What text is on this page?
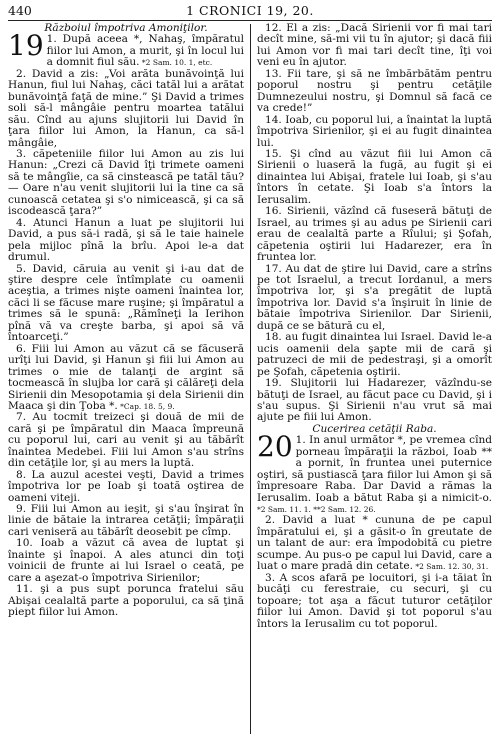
440	1 CRONICI 19, 20.

Războiul împotriva Amoniţilor.

19 1. După aceea *, Nahaş, împăratul fiilor lui Amon, a murit, şi în locul lui a domnit fiul său. *2 Sam. 10. 1, etc.

2. David a zis: „Voi arăta bunăvoinţă lui Hanun, fiul lui Nahaş, căci tatăl lui a arătat bunăvoinţă faţă de mine.” Şi David a trimes soli să-l mângâie pentru moartea tatălui său. Cînd au ajuns slujitorii lui David în ţara fiilor lui Amon, la Hanun, ca să-l mângâie,

3. căpeteniile fiilor lui Amon au zis lui Hanun: „Crezi că David îţi trimete oameni să te mângîie, ca să cinstească pe tatăl tău? — Oare n'au venit slujitorii lui la tine ca să cunoască cetatea şi s'o nimicească, şi ca să iscodească ţara?”

4. Atunci Hanun a luat pe slujitorii lui David, a pus să-i radă, şi să le taie hainele pela mijloc pînă la brîu. Apoi le-a dat drumul.

5. David, căruia au venit şi i-au dat de ştire despre cele întîmplate cu oamenii aceştia, a trimes nişte oameni înaintea lor, căci li se făcuse mare ruşine; şi împăratul a trimes să le spună: „Rămîneţi la Ierihon pînă vă va creşte barba, şi apoi să vă întoarceţi.”

6. Fiii lui Amon au văzut că se făcuseră urîţi lui David, şi Hanun şi fiii lui Amon au trimes o mie de talanţi de argint să tocmească în slujba lor cară şi călăreţi dela Sirienii din Mesopotamia şi dela Sirienii din Maaca şi din Ţoba *. *Cap. 18. 5, 9.

7. Au tocmit treizeci şi două de mii de cară şi pe împăratul din Maaca împreună cu poporul lui, cari au venit şi au tăbărît înaintea Medebei. Fiii lui Amon s'au strîns din cetăţile lor, şi au mers la luptă.

8. La auzul acestei veşti, David a trimes împotriva lor pe Ioab şi toată oştirea de oameni viteji.

9. Fiii lui Amon au ieşit, şi s'au înşirat în linie de bătaie la intrarea cetăţii; împăraţii cari veniseră au tăbărît deosebit pe cîmp.

10. Ioab a văzut că avea de luptat şi înainte şi înapoi. A ales atunci din toţi voinicii de frunte ai lui Israel o ceată, pe care a aşezat-o împotriva Sirienilor;

11. şi a pus supt porunca fratelui său Abişai cealaltă parte a poporului, ca să ţină piept fiilor lui Amon.

12. El a zis: „Dacă Sirienii vor fi mai tari decît mine, să-mi vii tu în ajutor; şi dacă fiii lui Amon vor fi mai tari decît tine, îţi voi veni eu în ajutor.

13. Fii tare, şi să ne îmbărbătăm pentru poporul nostru şi pentru cetăţile Dumnezeului nostru, şi Domnul să facă ce va crede!”

14. Ioab, cu poporul lui, a înaintat la luptă împotriva Sirienilor, şi ei au fugit dinaintea lui.

15. Şi cînd au văzut fiii lui Amon că Sirienii o luaseră la fugă, au fugit şi ei dinaintea lui Abişai, fratele lui Ioab, şi s'au întors în cetate. Şi Ioab s'a întors la Ierusalim.

16. Sirienii, văzînd că fuseseră bătuţi de Israel, au trimes şi au adus pe Sirienii cari erau de cealaltă parte a Rîului; şi Şofah, căpetenia oştirii lui Hadarezer, era în fruntea lor.

17. Au dat de ştire lui David, care a strîns pe tot Israelul, a trecut Iordanul, a mers împotriva lor, şi s'a pregătit de luptă împotriva lor. David s'a înşiruit în linie de bătaie împotriva Sirienilor. Dar Sirienii, după ce se bătură cu el,

18. au fugit dinaintea lui Israel. David le-a ucis oamenii dela şapte mii de cară şi patruzeci de mii de pedestraşi, şi a omorît pe Şofah, căpetenia oştirii.

19. Slujitorii lui Hadarezer, văzîndu-se bătuţi de Israel, au făcut pace cu David, şi i s'au supus. Şi Sirienii n'au vrut să mai ajute pe fiii lui Amon.

Cucerirea cetăţii Raba.

20 1. În anul următor *, pe vremea cînd porneau împăraţii la război, Ioab ** a pornit, în fruntea unei puternice oştiri, să pustiască ţara fiilor lui Amon şi să împresoare Raba. Dar David a rămas la Ierusalim. Ioab a bătut Raba şi a nimicit-o. *2 Sam. 11. 1. **2 Sam. 12. 26.

2. David a luat * cununa de pe capul împăratului ei, şi a găsit-o în greutate de un talant de aur: era împodobită cu pietre scumpe. Au pus-o pe capul lui David, care a luat o mare pradă din cetate. *2 Sam. 12. 30, 31.

3. A scos afară pe locuitori, şi i-a tăiat în bucăţi cu ferestraie, cu securi, şi cu topoare; tot aşa a făcut tuturor cetăţilor fiilor lui Amon. David şi tot poporul s'au întors la Ierusalim cu tot poporul.
